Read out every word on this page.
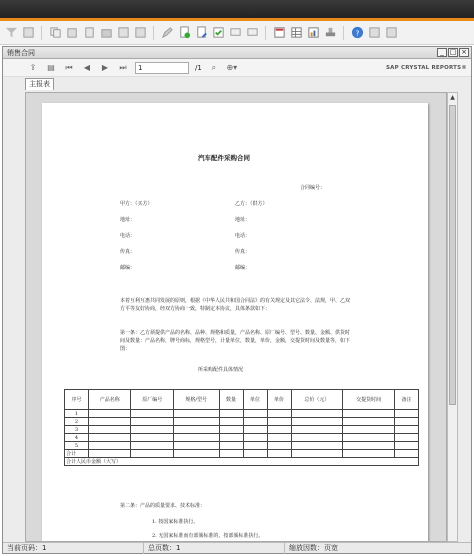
?
销售合同	_ □ ×
⇪	▤ ⏮	◀	▶	⏭	1	/1	⌕	⊕▾	SAP CRYSTAL REPORTS®
主报表
汽车配件采购合同
合同编号：
甲方：（买方）	乙方：（供方）
地址：	地址：
电话：	电话：
传真：	传真：
邮编：	邮编：
本着互利互惠共同发展的原则，根据《中华人民共和国合同法》的有关规定及其它法令、法规，甲、乙双方平等友好协商，经双方协商一致，特制定本协议，具体条款如下：
第一条：乙方须提供产品的名称、品种、规格和质量，产品名称、原厂编号、型号、数量、金额、供货时间及数量：产品名称，牌号商标，规格型号，计量单位，数量，单价，金额，交提货时间及数量等，如下图：
所采购配件具体情况
序号	产品名称	原厂编号	规格/型号	数量	单位	单价	总价（元）	交提货时间	备注
1									
2									
3									
4									
5									
合计									
合计人民币金额（大写）									
第二条：产品的质量要求、技术标准：
1. 按国家标准执行。
2. 无国家标准而有部颁标准的，按部颁标准执行。
▲
当前页码：1	总页数：1	缩放因数：页宽
